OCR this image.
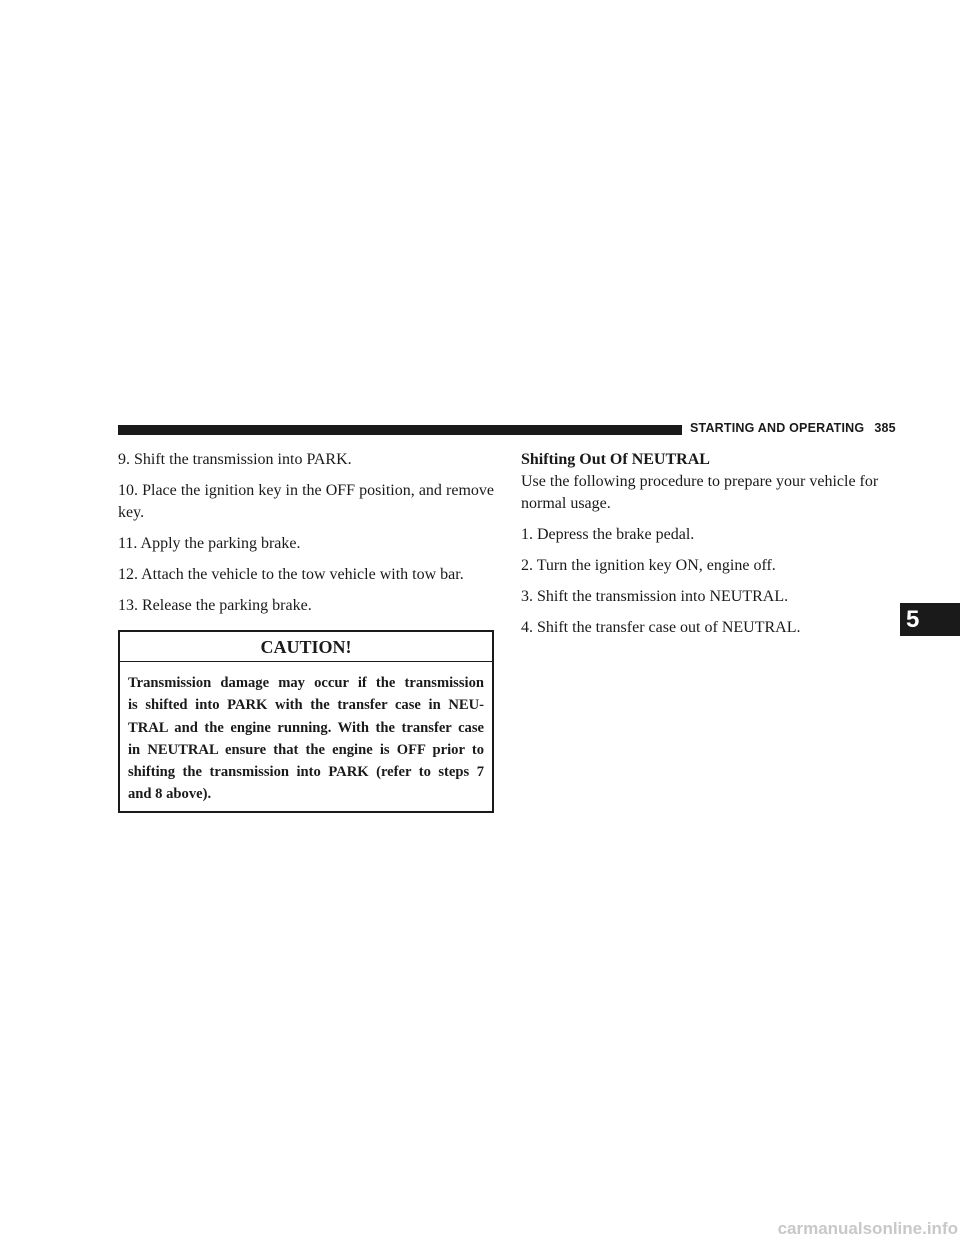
STARTING AND OPERATING 385

9. Shift the transmission into PARK.

10. Place the ignition key in the OFF position, and remove key.

11. Apply the parking brake.

12. Attach the vehicle to the tow vehicle with tow bar.

13. Release the parking brake.

CAUTION!
Transmission damage may occur if the transmission
is shifted into PARK with the transfer case in NEU-
TRAL and the engine running. With the transfer case
in NEUTRAL ensure that the engine is OFF prior to
shifting the transmission into PARK (refer to steps 7
and 8 above).

Shifting Out Of NEUTRAL

Use the following procedure to prepare your vehicle for normal usage.

1. Depress the brake pedal.

2. Turn the ignition key ON, engine off.

3. Shift the transmission into NEUTRAL.

4. Shift the transfer case out of NEUTRAL.	5
carmanualsonline.info
